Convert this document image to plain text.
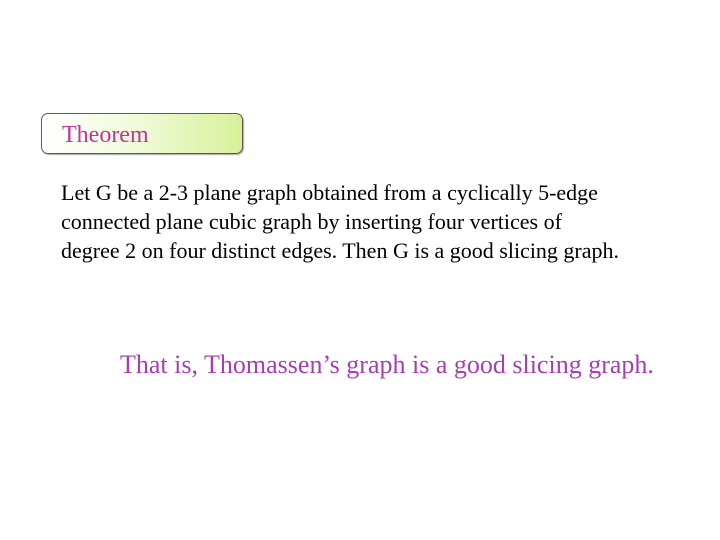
Theorem
Let G be a 2-3 plane graph obtained from a cyclically 5-edge
connected plane cubic graph by inserting four vertices of
degree 2 on four distinct edges. Then G is a good slicing graph.
That is, Thomassen’s graph is a good slicing graph.
